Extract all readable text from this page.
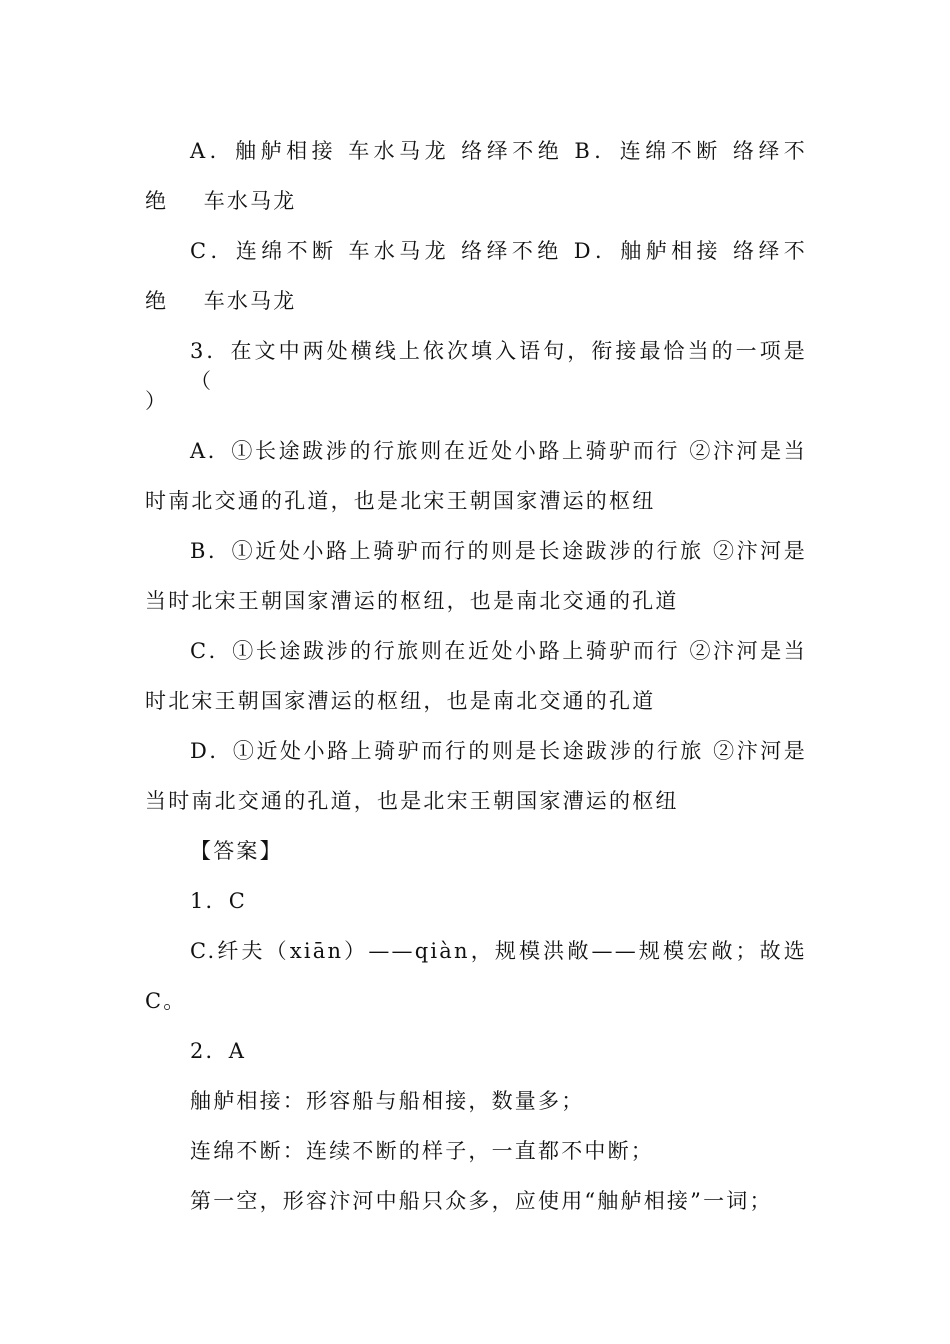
A．舳舻相接 车水马龙 络绎不绝 B．连绵不断 络绎不
绝    车水马龙
C．连绵不断 车水马龙 络绎不绝 D．舳舻相接 络绎不
绝    车水马龙
3．在文中两处横线上依次填入语句，衔接最恰当的一项是（
）
A．①长途跋涉的行旅则在近处小路上骑驴而行 ②汴河是当
时南北交通的孔道，也是北宋王朝国家漕运的枢纽
B．①近处小路上骑驴而行的则是长途跋涉的行旅 ②汴河是
当时北宋王朝国家漕运的枢纽，也是南北交通的孔道
C．①长途跋涉的行旅则在近处小路上骑驴而行 ②汴河是当
时北宋王朝国家漕运的枢纽，也是南北交通的孔道
D．①近处小路上骑驴而行的则是长途跋涉的行旅 ②汴河是
当时南北交通的孔道，也是北宋王朝国家漕运的枢纽
【答案】
1．C
C.纤夫（xiān）——qiàn，规模洪敞——规模宏敞；故选
C。
2．A
舳舻相接：形容船与船相接，数量多；
连绵不断：连续不断的样子，一直都不中断；
第一空，形容汴河中船只众多，应使用“舳舻相接”一词；
